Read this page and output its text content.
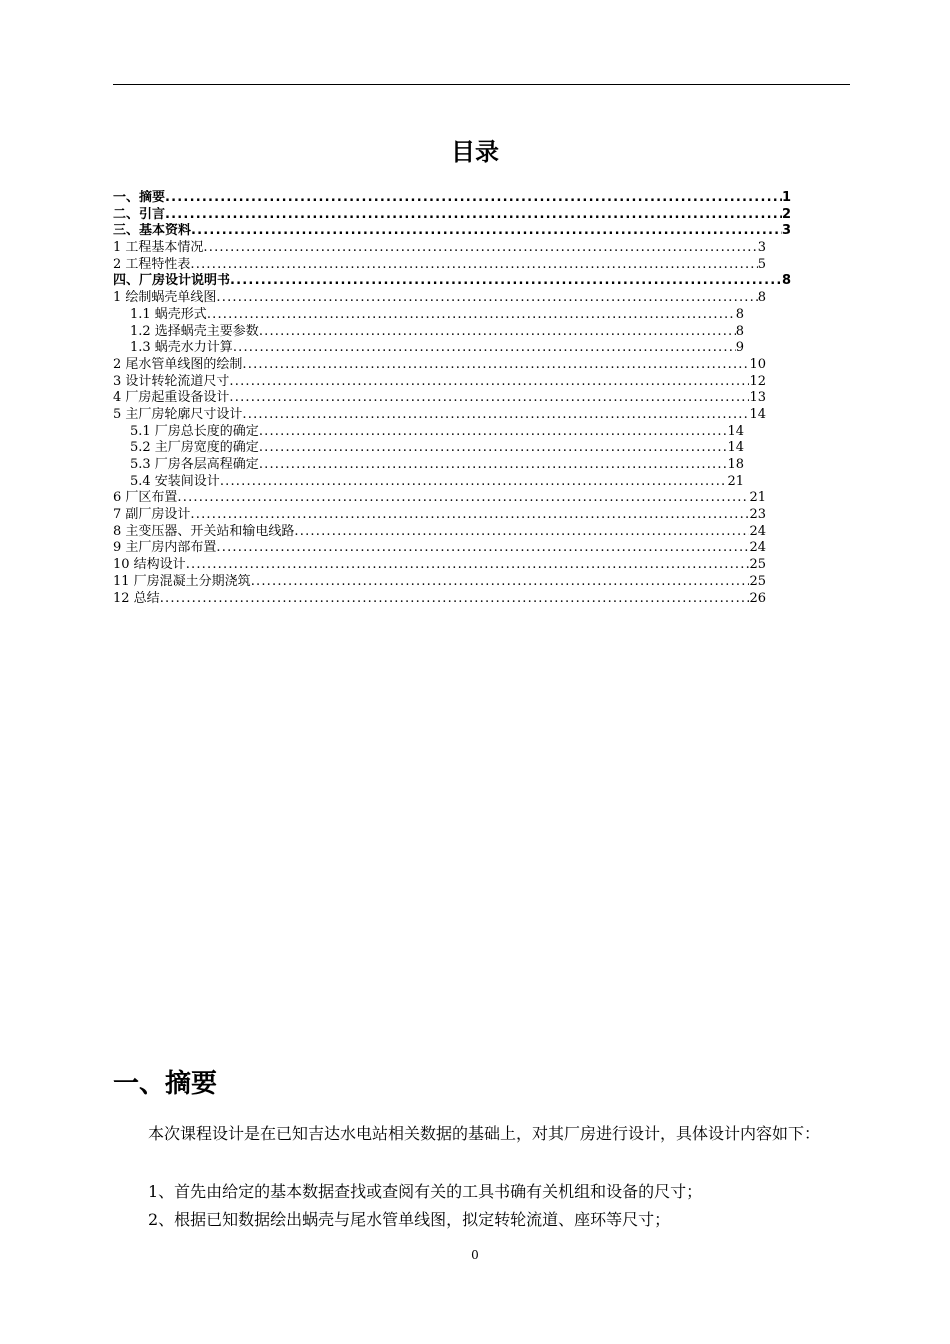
目录
一、摘要 .....	1
二、引言 .....	2
三、基本资料 .....	3
1 工程基本情况 .....	3
2 工程特性表 .....	5
四、厂房设计说明书 .....	8
1 绘制蜗壳单线图 .....	8
1.1 蜗壳形式 .....	8
1.2 选择蜗壳主要参数 .....	8
1.3 蜗壳水力计算 .....	9
2 尾水管单线图的绘制 .....	10
3 设计转轮流道尺寸 .....	12
4 厂房起重设备设计 .....	13
5 主厂房轮廓尺寸设计 .....	14
5.1 厂房总长度的确定 .....	14
5.2 主厂房宽度的确定 .....	14
5.3 厂房各层高程确定 .....	18
5.4 安装间设计 .....	21
6 厂区布置 .....	21
7 副厂房设计 .....	23
8 主变压器、开关站和输电线路 .....	24
9 主厂房内部布置 .....	24
10 结构设计 .....	25
11 厂房混凝土分期浇筑 .....	25
12 总结 .....	26
一、摘要
本次课程设计是在已知吉达水电站相关数据的基础上，对其厂房进行设计，具体设计内容如下：
1、首先由给定的基本数据查找或查阅有关的工具书确有关机组和设备的尺寸；
2、根据已知数据绘出蜗壳与尾水管单线图，拟定转轮流道、座环等尺寸；
0
